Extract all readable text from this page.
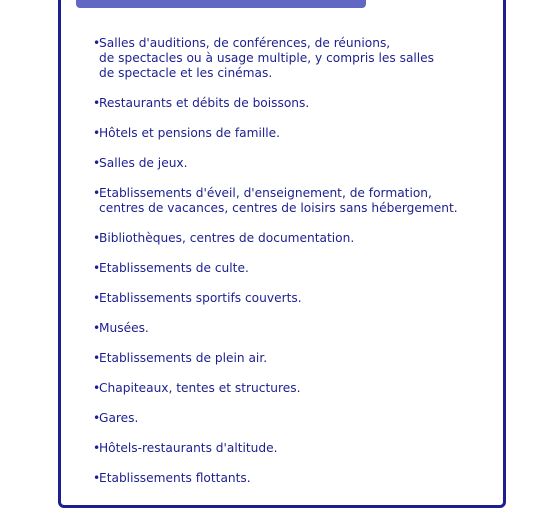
•
Salles d'auditions, de conférences, de réunions,
de spectacles ou à usage multiple, y compris les salles
de spectacle et les cinémas.
•
Restaurants et débits de boissons.
•
Hôtels et pensions de famille.
•
Salles de jeux.
•
Etablissements d'éveil, d'enseignement, de formation,
centres de vacances, centres de loisirs sans hébergement.
•
Bibliothèques, centres de documentation.
•
Etablissements de culte.
•
Etablissements sportifs couverts.
•
Musées.
•
Etablissements de plein air.
•
Chapiteaux, tentes et structures.
•
Gares.
•
Hôtels-restaurants d'altitude.
•
Etablissements flottants.
